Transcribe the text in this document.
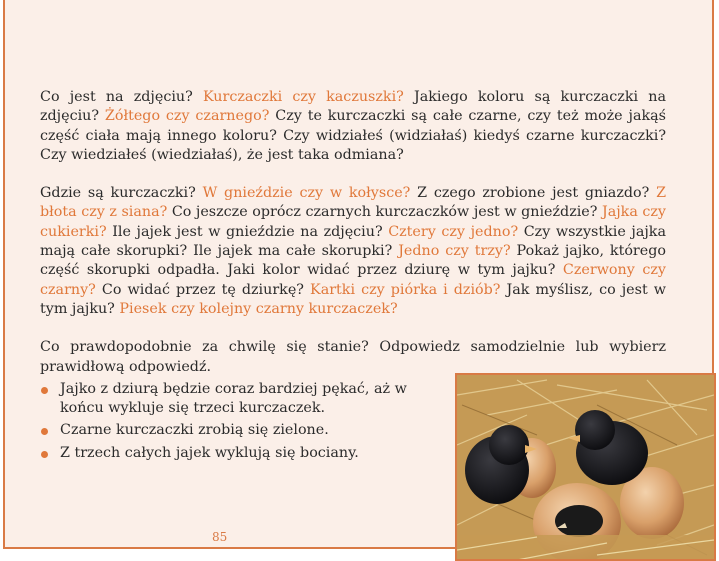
Co jest na zdjęciu? Kurczaczki czy kaczuszki? Jakiego koloru są kurczaczki na zdjęciu? Żółtego czy czarnego? Czy te kurczaczki są całe czarne, czy też może jakąś część ciała mają innego koloru? Czy widziałeś (widziałaś) kiedyś czarne kurczaczki? Czy wiedziałeś (wiedziałaś), że jest taka odmiana?

Gdzie są kurczaczki? W gnieździe czy w kołysce? Z czego zrobione jest gniazdo? Z błota czy z siana? Co jeszcze oprócz czarnych kurczaczków jest w gnieździe? Jajka czy cukierki? Ile jajek jest w gnieździe na zdjęciu? Cztery czy jedno? Czy wszystkie jajka mają całe skorupki? Ile jajek ma całe skorupki? Jedno czy trzy? Pokaż jajko, którego część skorupki odpadła. Jaki kolor widać przez dziurę w tym jajku? Czerwony czy czarny? Co widać przez tę dziurkę? Kartki czy piórka i dziób? Jak myślisz, co jest w tym jajku? Piesek czy kolejny czarny kurczaczek?

Co prawdopodobnie za chwilę się stanie? Odpowiedz samodzielnie lub wybierz prawidłową odpowiedź.

Jajko z dziurą będzie coraz bardziej pękać, aż w końcu wykluje się trzeci kurczaczek.
Czarne kurczaczki zrobią się zielone.
Z trzech całych jajek wyklują się bociany.
85
